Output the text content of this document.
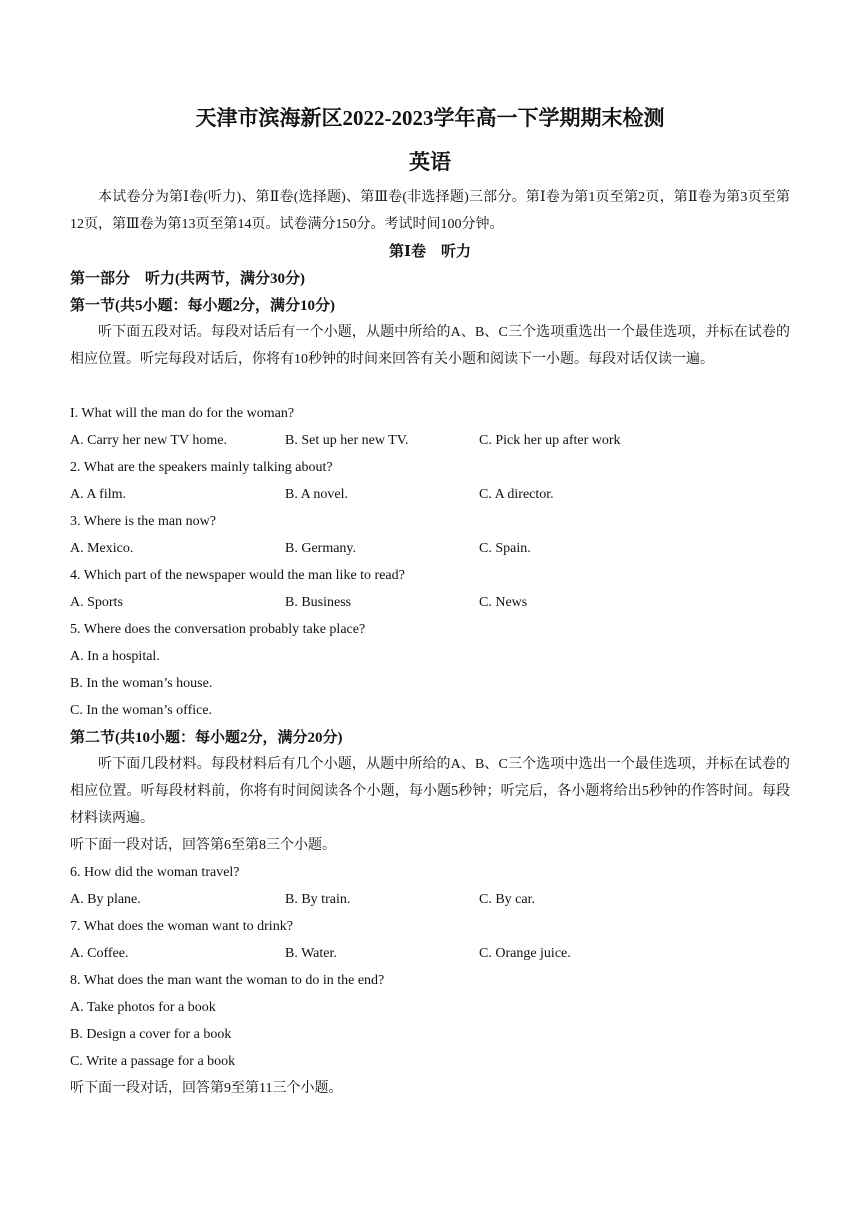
天津市滨海新区2022-2023学年高一下学期期末检测
英语
本试卷分为第Ⅰ卷(听力)、第Ⅱ卷(选择题)、第Ⅲ卷(非选择题)三部分。第Ⅰ卷为第1页至第2页，第Ⅱ卷为第3页至第12页，第Ⅲ卷为第13页至第14页。试卷满分150分。考试时间100分钟。
第Ⅰ卷　听力
第一部分　听力(共两节，满分30分)
第一节(共5小题：每小题2分，满分10分)
听下面五段对话。每段对话后有一个小题，从题中所给的A、B、C三个选项重选出一个最佳选项，并标在试卷的相应位置。听完每段对话后，你将有10秒钟的时间来回答有关小题和阅读下一小题。每段对话仅读一遍。
I. What will the man do for the woman?
A. Carry her new TV home.	B. Set up her new TV.	C. Pick her up after work
2. What are the speakers mainly talking about?
A. A film.	B. A novel.	C. A director.
3. Where is the man now?
A. Mexico.	B. Germany.	C. Spain.
4. Which part of the newspaper would the man like to read?
A. Sports	B. Business	C. News
5. Where does the conversation probably take place?
A. In a hospital.
B. In the woman’s house.
C. In the woman’s office.
第二节(共10小题：每小题2分，满分20分)
听下面几段材料。每段材料后有几个小题，从题中所给的A、B、C三个选项中选出一个最佳选项，并标在试卷的相应位置。听每段材料前，你将有时间阅读各个小题，每小题5秒钟；听完后，各小题将给出5秒钟的作答时间。每段材料读两遍。
听下面一段对话，回答第6至第8三个小题。
6. How did the woman travel?
A. By plane.	B. By train.	C. By car.
7. What does the woman want to drink?
A. Coffee.	B. Water.	C. Orange juice.
8. What does the man want the woman to do in the end?
A. Take photos for a book
B. Design a cover for a book
C. Write a passage for a book
听下面一段对话，回答第9至第11三个小题。
